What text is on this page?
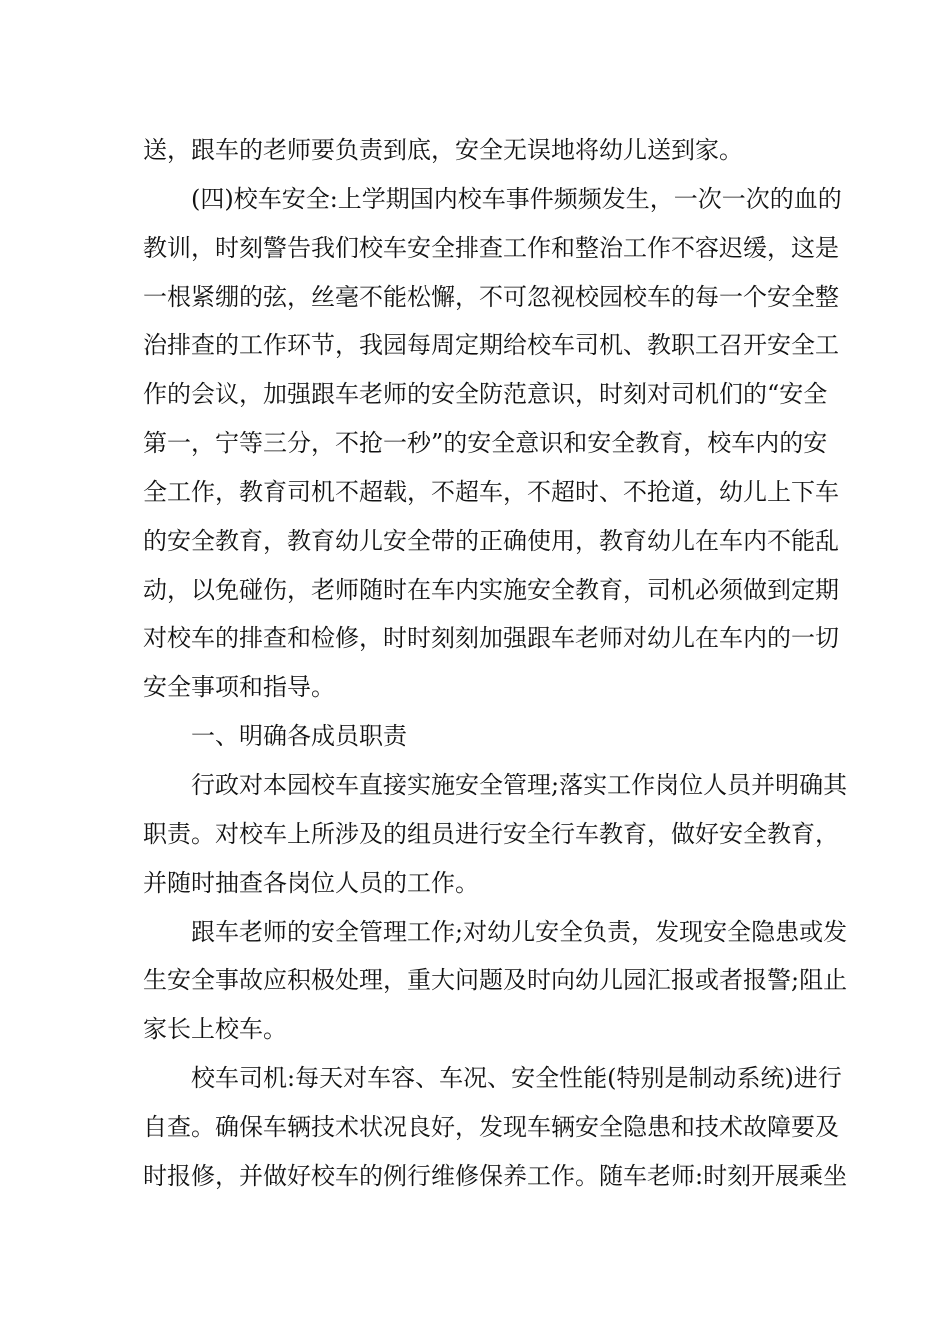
送，跟车的老师要负责到底，安全无误地将幼儿送到家。
(四)校车安全:上学期国内校车事件频频发生，一次一次的血的
教训，时刻警告我们校车安全排查工作和整治工作不容迟缓，这是
一根紧绷的弦，丝毫不能松懈，不可忽视校园校车的每一个安全整
治排查的工作环节，我园每周定期给校车司机、教职工召开安全工
作的会议，加强跟车老师的安全防范意识，时刻对司机们的“安全
第一，宁等三分，不抢一秒”的安全意识和安全教育，校车内的安
全工作，教育司机不超载，不超车，不超时、不抢道，幼儿上下车
的安全教育，教育幼儿安全带的正确使用，教育幼儿在车内不能乱
动，以免碰伤，老师随时在车内实施安全教育，司机必须做到定期
对校车的排查和检修，时时刻刻加强跟车老师对幼儿在车内的一切
安全事项和指导。
一、明确各成员职责
行政对本园校车直接实施安全管理;落实工作岗位人员并明确其
职责。对校车上所涉及的组员进行安全行车教育，做好安全教育，
并随时抽查各岗位人员的工作。
跟车老师的安全管理工作;对幼儿安全负责，发现安全隐患或发
生安全事故应积极处理，重大问题及时向幼儿园汇报或者报警;阻止
家长上校车。
校车司机:每天对车容、车况、安全性能(特别是制动系统)进行
自查。确保车辆技术状况良好，发现车辆安全隐患和技术故障要及
时报修，并做好校车的例行维修保养工作。随车老师:时刻开展乘坐
